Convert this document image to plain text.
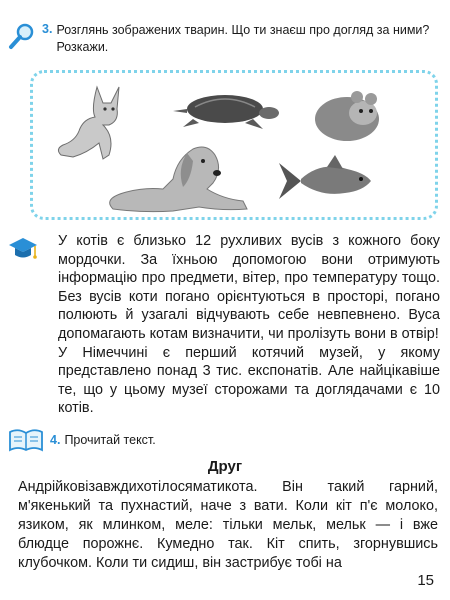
3. Розглянь зображених тварин. Що ти знаєш про догляд за ними? Розкажи.

У котів є близько 12 рухливих вусів з кожного боку мордочки. За їхньою допомогою вони отримують інформацію про предмети, вітер, про температуру тощо. Без вусів коти погано орієнтуються в просторі, погано полюють й узагалі відчувають себе невпевнено. Вуса допомагають котам визначити, чи пролізуть вони в отвір!

У Німеччині є перший котячий музей, у якому представлено понад 3 тис. експонатів. Але найцікавіше те, що у цьому музеї сторожами та доглядачами є 10 котів.

4. Прочитай текст.
Друг
Андрійковізавждихотілосяматикота. Він такий гарний, м'якенький та пухнастий, наче з вати. Коли кіт п'є молоко, язиком, як млинком, меле: тільки мельк, мельк — і вже блюдце порожнє. Кумедно так. Кіт спить, згорнувшись клубочком. Коли ти сидиш, він застрибує тобі на
15
